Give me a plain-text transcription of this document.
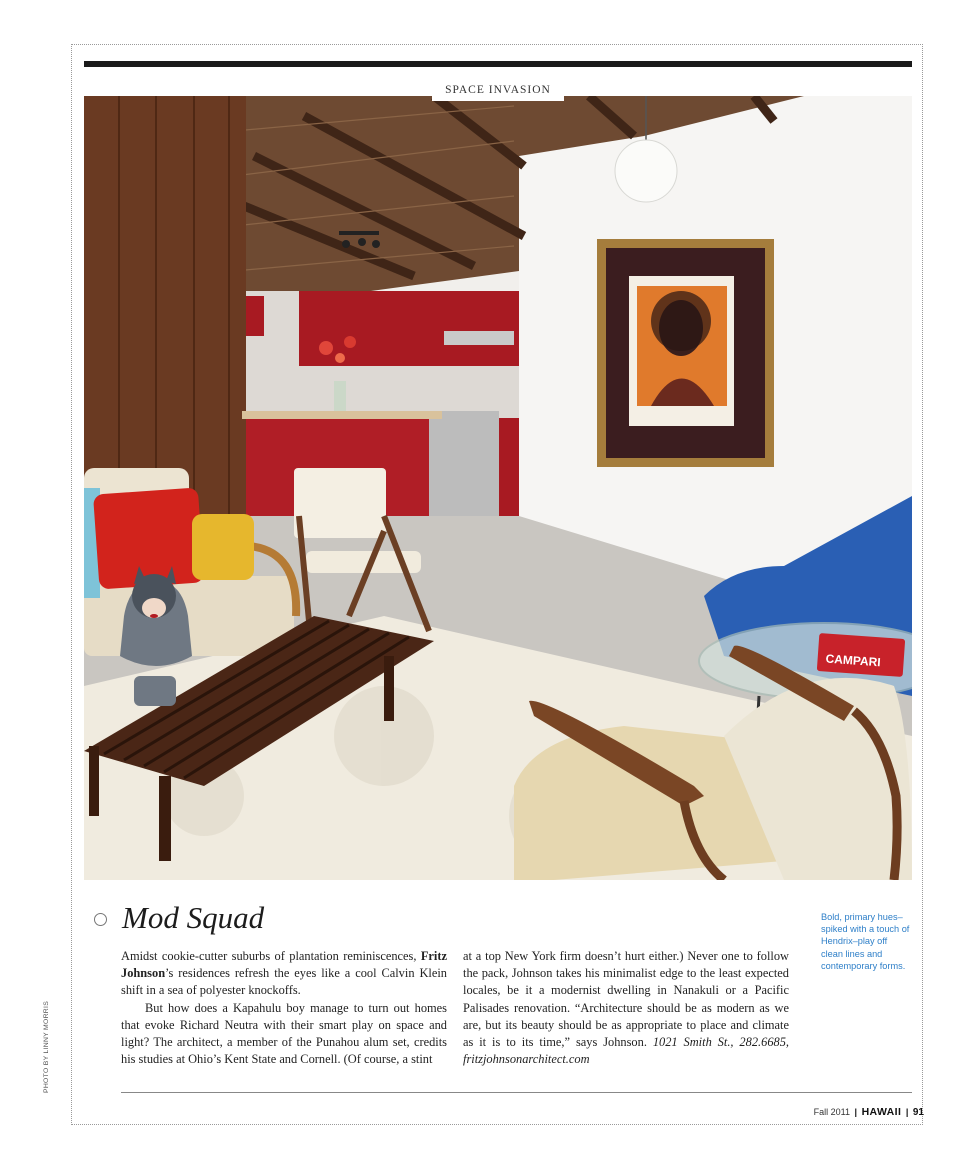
SPACE INVASION
CAMPARI
Mod Squad

Amidst cookie-cutter suburbs of plantation reminiscences, Fritz Johnson’s residences refresh the eyes like a cool Calvin Klein shift in a sea of polyester knockoffs.

But how does a Kapahulu boy manage to turn out homes that evoke Richard Neutra with their smart play on space and light? The architect, a member of the Punahou alum set, credits his studies at Ohio’s Kent State and Cornell. (Of course, a stint

at a top New York firm doesn’t hurt either.) Never one to follow the pack, Johnson takes his minimalist edge to the least expected locales, be it a modernist dwelling in Nanakuli or a Pacific Palisades renovation. “Architecture should be as modern as we are, but its beauty should be as appropriate to place and climate as it is to its time,” says Johnson. 1021 Smith St., 282.6685, fritzjohnsonarchitect.com

Bold, primary hues–spiked with a touch of Hendrix–play off clean lines and contemporary forms.
PHOTO BY LINNY MORRIS
Fall 2011 | HAWAII | 91
